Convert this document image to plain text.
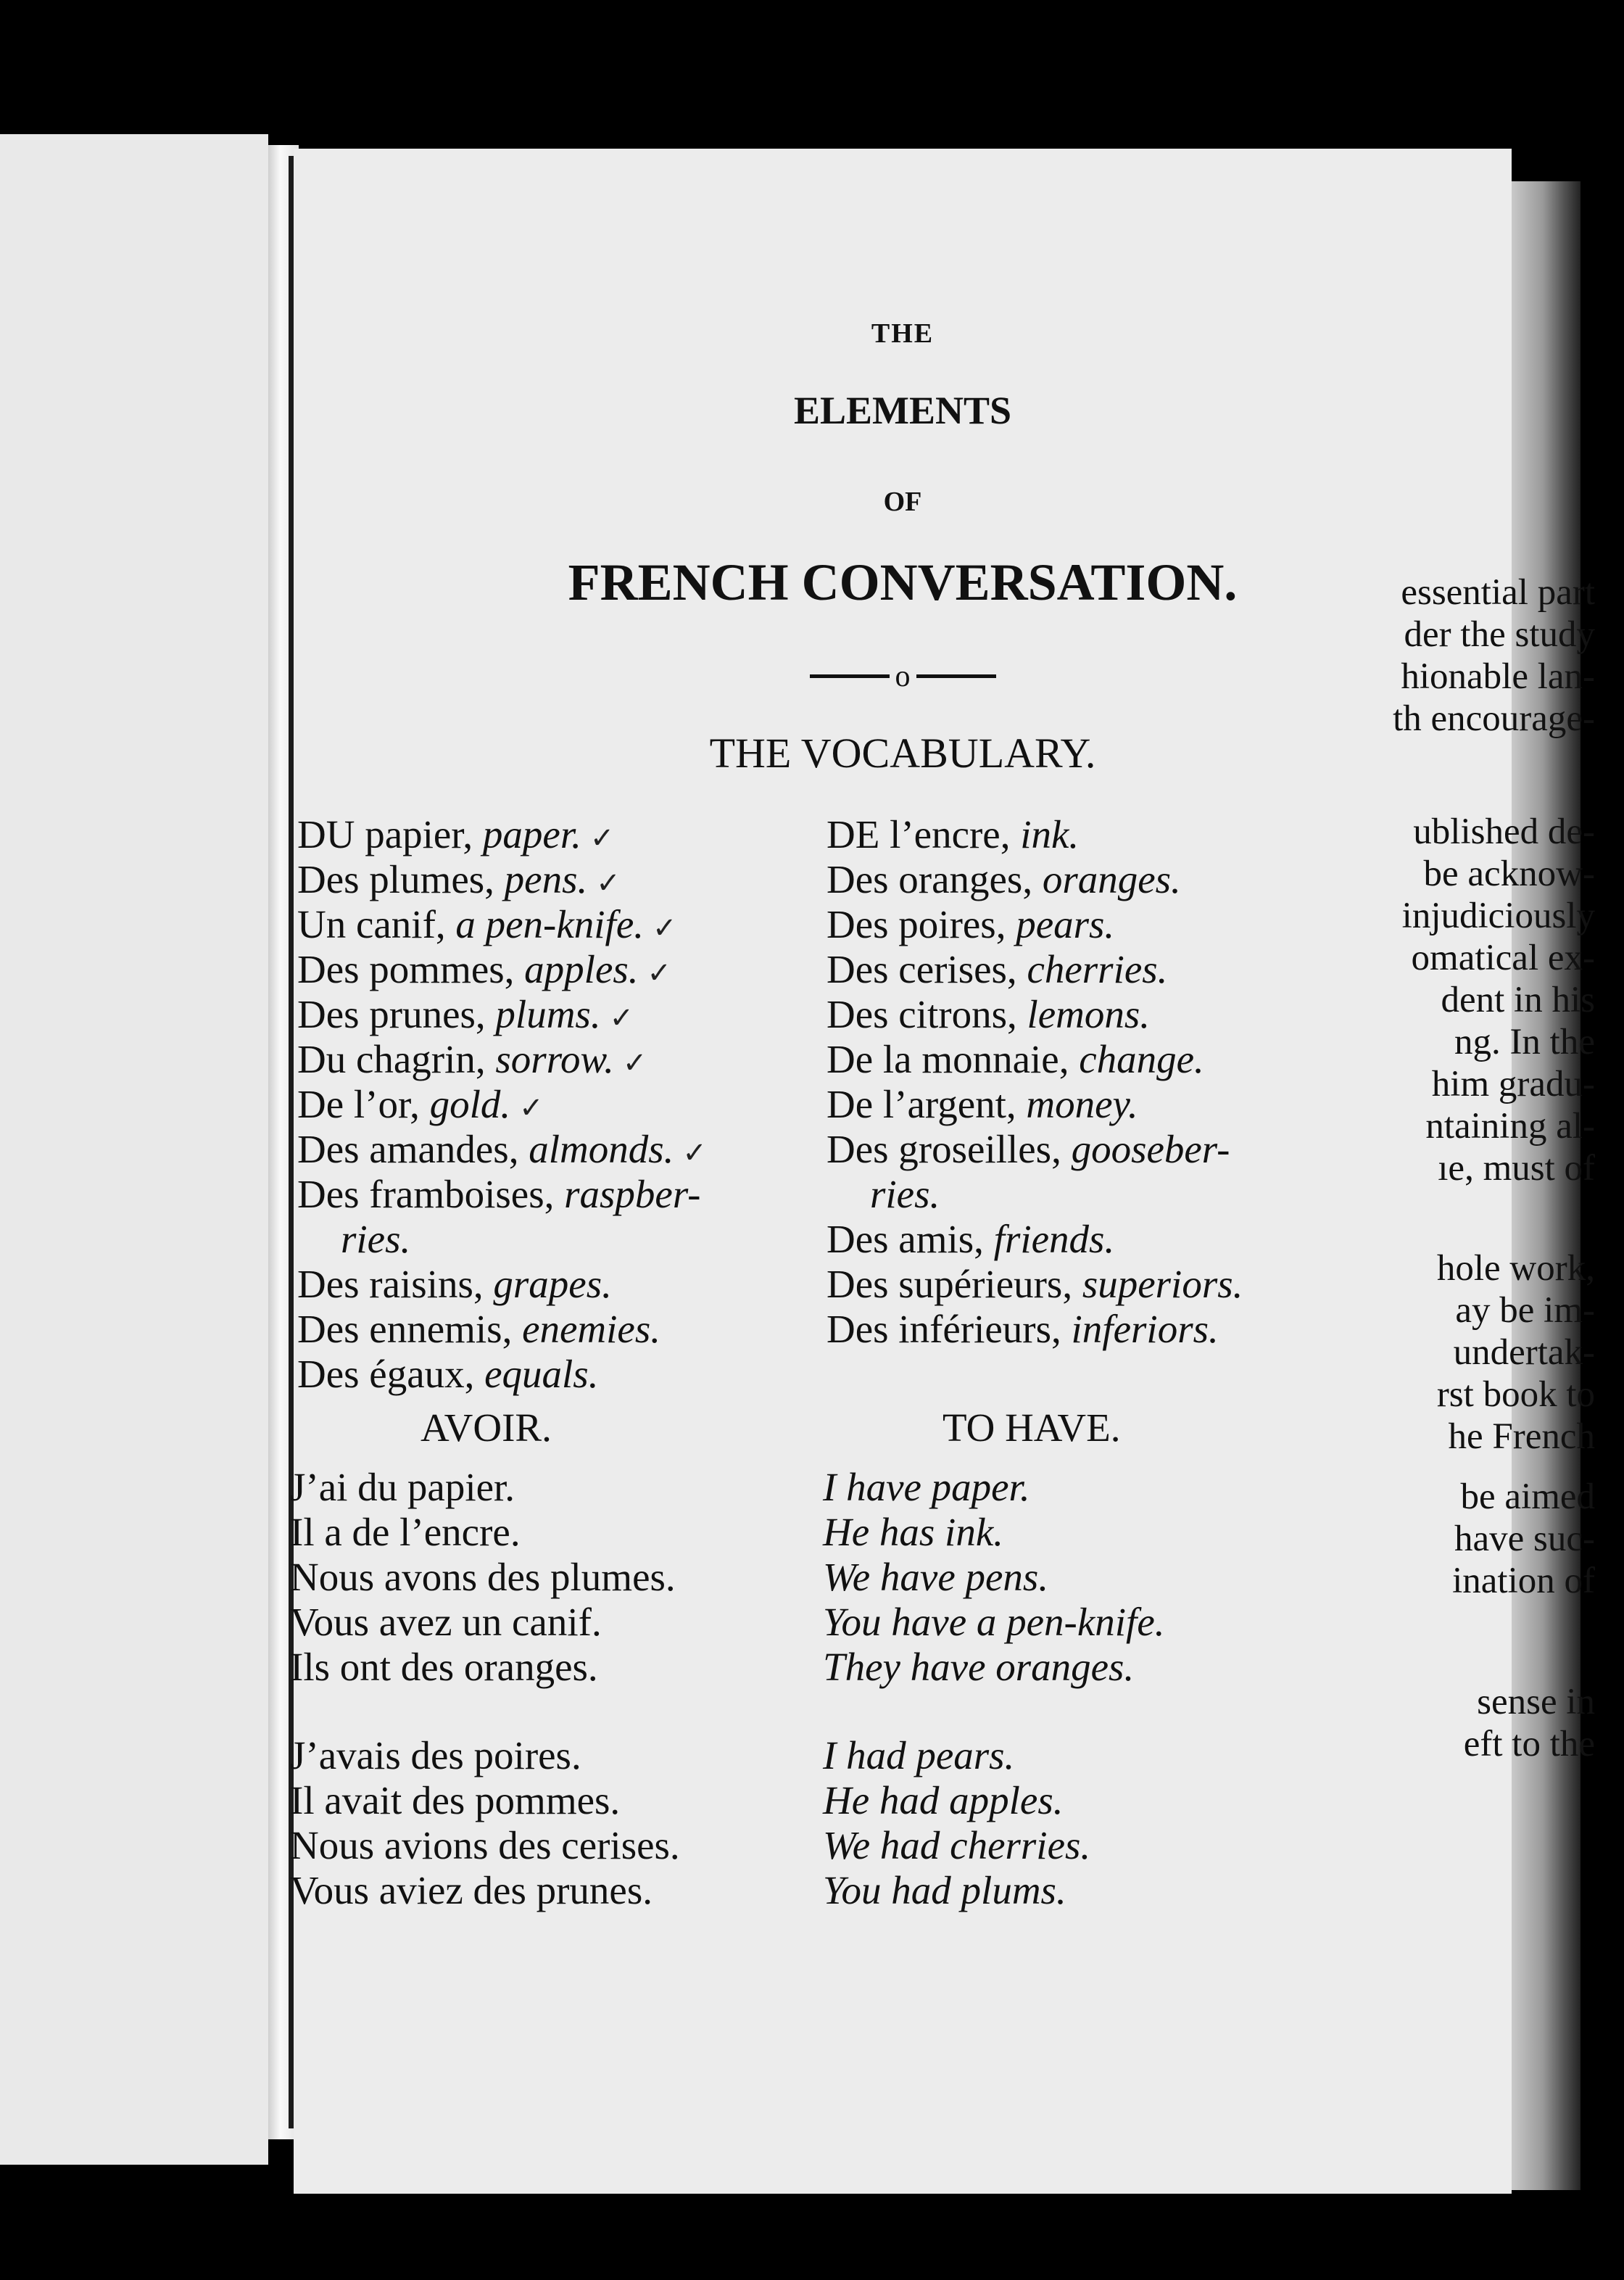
essential part
der the study
hionable lan-
th encourage-
ublished de-
be acknow-
injudiciously
omatical ex-
dent in his
ng. In the
him gradu-
ntaining al-
ıe, must of
hole work,
ay be im-
undertak-
rst book to
he French
be aimed
have suc-
ination of
sense in
eft to the
THE
ELEMENTS
OF
FRENCH CONVERSATION.
o
THE VOCABULARY.
DU papier, paper. ✓
Des plumes, pens. ✓
Un canif, a pen-knife. ✓
Des pommes, apples. ✓
Des prunes, plums. ✓
Du chagrin, sorrow. ✓
De l’or, gold. ✓
Des amandes, almonds. ✓
Des framboises, raspber-
ries.
Des raisins, grapes.
Des ennemis, enemies.
Des égaux, equals.
DE l’encre, ink.
Des oranges, oranges.
Des poires, pears.
Des cerises, cherries.
Des citrons, lemons.
De la monnaie, change.
De l’argent, money.
Des groseilles, gooseber-
ries.
Des amis, friends.
Des supérieurs, superiors.
Des inférieurs, inferiors.
AVOIR.	TO HAVE.
J’ai du papier.
Il a de l’encre.
Nous avons des plumes.
Vous avez un canif.
Ils ont des oranges.
I have paper.
He has ink.
We have pens.
You have a pen-knife.
They have oranges.
J’avais des poires.
Il avait des pommes.
Nous avions des cerises.
Vous aviez des prunes.
I had pears.
He had apples.
We had cherries.
You had plums.
